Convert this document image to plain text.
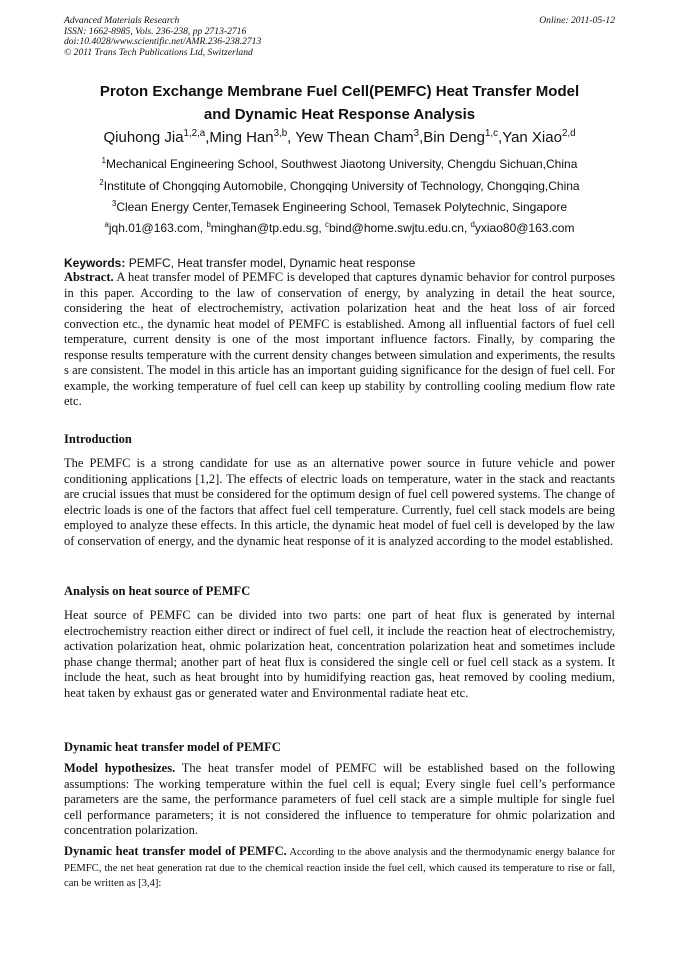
Advanced Materials Research
ISSN: 1662-8985, Vols. 236-238, pp 2713-2716
doi:10.4028/www.scientific.net/AMR.236-238.2713
© 2011 Trans Tech Publications Ltd, Switzerland
Online: 2011-05-12
Proton Exchange Membrane Fuel Cell(PEMFC) Heat Transfer Model
and Dynamic Heat Response Analysis
Qiuhong Jia$^{1,2,a}$,Ming Han$^{3,b}$, Yew Thean Cham$^3$,Bin Deng$^{1,c}$,Yan Xiao$^{2,d}$
$^1$Mechanical Engineering School, Southwest Jiaotong University, Chengdu Sichuan,China
$^2$Institute of Chongqing Automobile, Chongqing University of Technology, Chongqing,China
$^3$Clean Energy Center,Temasek Engineering School, Temasek Polytechnic, Singapore
$^a$jqh.01@163.com, $^b$minghan@tp.edu.sg, $^c$bind@home.swjtu.edu.cn, $^d$yxiao80@163.com
Keywords: PEMFC, Heat transfer model, Dynamic heat response
Abstract. A heat transfer model of PEMFC is developed that captures dynamic behavior for control purposes in this paper. According to the law of conservation of energy, by analyzing in detail the heat source, considering the heat of electrochemistry, activation polarization heat and the heat loss of air forced convection etc., the dynamic heat model of PEMFC is established. Among all influential factors of fuel cell temperature, current density is one of the most important influence factors. Finally, by comparing the response results temperature with the current density changes between simulation and experiments, the results s are consistent. The model in this article has an important guiding significance for the design of fuel cell. For example, the working temperature of fuel cell can keep up stability by controlling cooling medium flow rate etc.
Introduction
The PEMFC is a strong candidate for use as an alternative power source in future vehicle and power conditioning applications [1,2]. The effects of electric loads on temperature, water in the stack and reactants are crucial issues that must be considered for the optimum design of fuel cell powered systems. The change of electric loads is one of the factors that affect fuel cell temperature. Currently, fuel cell stack models are being employed to analyze these effects. In this article, the dynamic heat model of fuel cell is developed by the law of conservation of energy, and the dynamic heat response of it is analyzed according to the model established.
Analysis on heat source of PEMFC
Heat source of PEMFC can be divided into two parts: one part of heat flux is generated by internal electrochemistry reaction either direct or indirect of fuel cell, it include the reaction heat of electrochemistry, activation polarization heat, ohmic polarization heat, concentration polarization heat and sometimes include phase change thermal; another part of heat flux is considered the single cell or fuel cell stack as a system. It include the heat, such as heat brought into by humidifying reaction gas, heat removed by cooling medium, heat taken by exhaust gas or generated water and Environmental radiate heat etc.
Dynamic heat transfer model of PEMFC
Model hypothesizes. The heat transfer model of PEMFC will be established based on the following assumptions: The working temperature within the fuel cell is equal; Every single fuel cell’s performance parameters are the same, the performance parameters of fuel cell stack are a simple multiple for single fuel cell performance parameters; it is not considered the influence to temperature for ohmic polarization and concentration polarization.
Dynamic heat transfer model of PEMFC. According to the above analysis and the thermodynamic energy balance for PEMFC, the net heat generation rat due to the chemical reaction inside the fuel cell, which caused its temperature to rise or fall, can be written as [3,4]:
